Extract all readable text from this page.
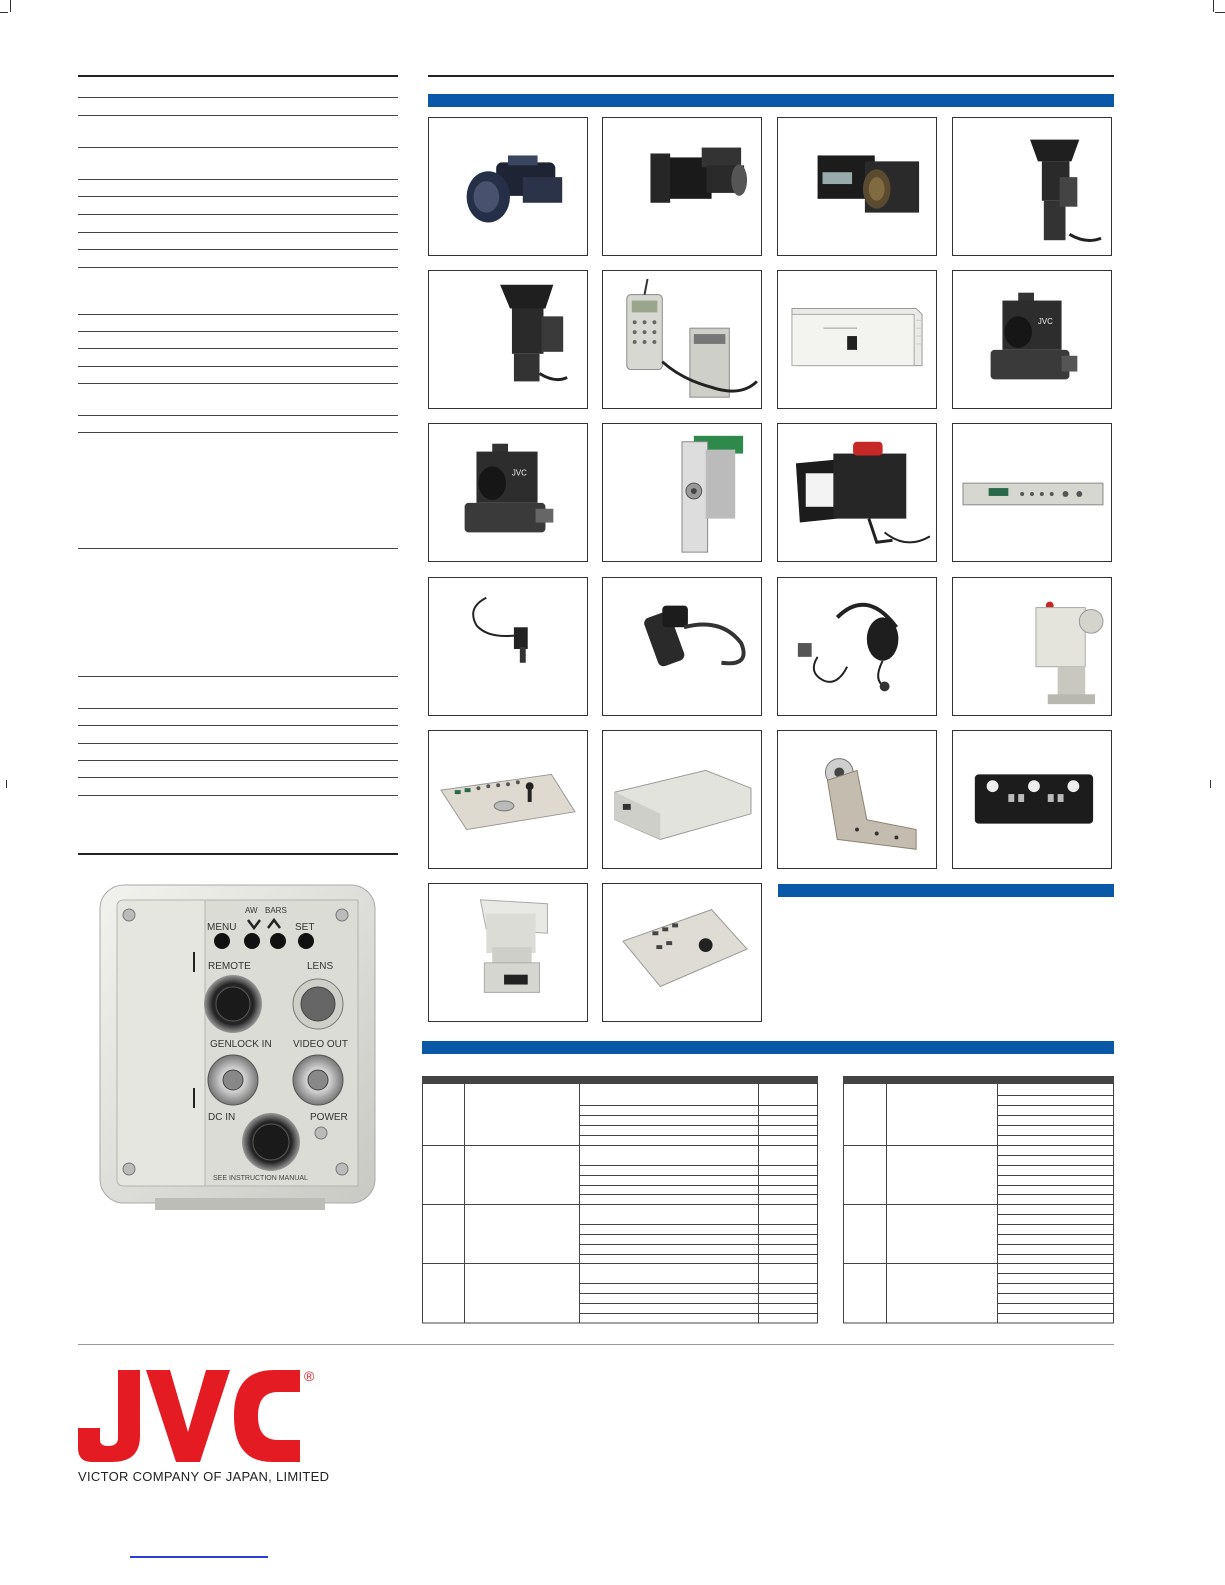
MENU
AW BARS
SET
REMOTE	LENS
GENLOCK IN VIDEO OUT
DC IN	POWER
SEE INSTRUCTION MANUAL
JVC
JVC
®
VICTOR COMPANY OF JAPAN, LIMITED
